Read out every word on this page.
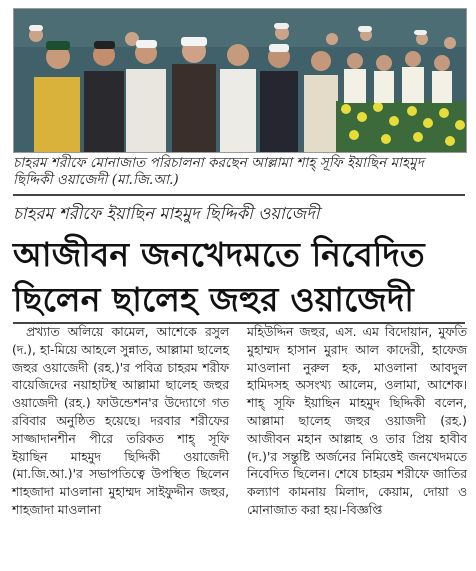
চাহরম শরীফে মোনাজাত পরিচালনা করছেন আল্লামা শাহ্ সূফি ইয়াছিন মাহমুদ ছিদ্দিকী ওয়াজেদী (মা.জি.আ.)
চাহরম শরীফে ইয়াছিন মাহমুদ ছিদ্দিকী ওয়াজেদী
আজীবন জনখেদমতে নিবেদিত
ছিলেন ছালেহ জহুর ওয়াজেদী
প্রখ্যাত অলিয়ে কামেল, আশেকে রসুল (দ.), হা-মিয়ে আহলে সুন্নাত, আল্লামা ছালেহ জহুর ওয়াজেদী (রহ.)'র পবিত্র চাহরম শরীফ বায়েজিদের নয়াহাটস্থ আল্লামা ছালেহ জহুর ওয়াজেদী (রহ.) ফাউন্ডেশন'র উদ্যোগে গত রবিবার অনুষ্ঠিত হয়েছে। দরবার শরীফের সাজ্জাদানশীন পীরে তরিকত শাহ্ সূফি ইয়াছিন মাহমুদ ছিদ্দিকী ওয়াজেদী (মা.জি.আ.)'র সভাপতিত্বে উপস্থিত ছিলেন শাহজাদা মাওলানা মুহাম্মদ সাইফুদ্দীন জহুর, শাহজাদা মাওলানা
মহিউদ্দিন জহুর, এস. এম বিদোয়ান, মুফতি মুহাম্মদ হাসান মুরাদ আল কাদেরী, হাফেজ মাওলানা নুরুল হক, মাওলানা আবদুল হামিদসহ অসংখ্য আলেম, ওলামা, আশেক। শাহ্ সূফি ইয়াছিন মাহমুদ ছিদ্দিকী বলেন, আল্লামা ছালেহ জহুর ওয়াজদী (রহ.) আজীবন মহান আল্লাহ ও তার প্রিয় হাবীব (দ.)'র সন্তুষ্টি অর্জনের নিমিত্তেই জনখেদমতে নিবেদিত ছিলেন। শেষে চাহরম শরীফে জাতির কল্যাণ কামনায় মিলাদ, কেয়াম, দোয়া ও মোনাজাত করা হয়।-বিজ্ঞপ্তি
